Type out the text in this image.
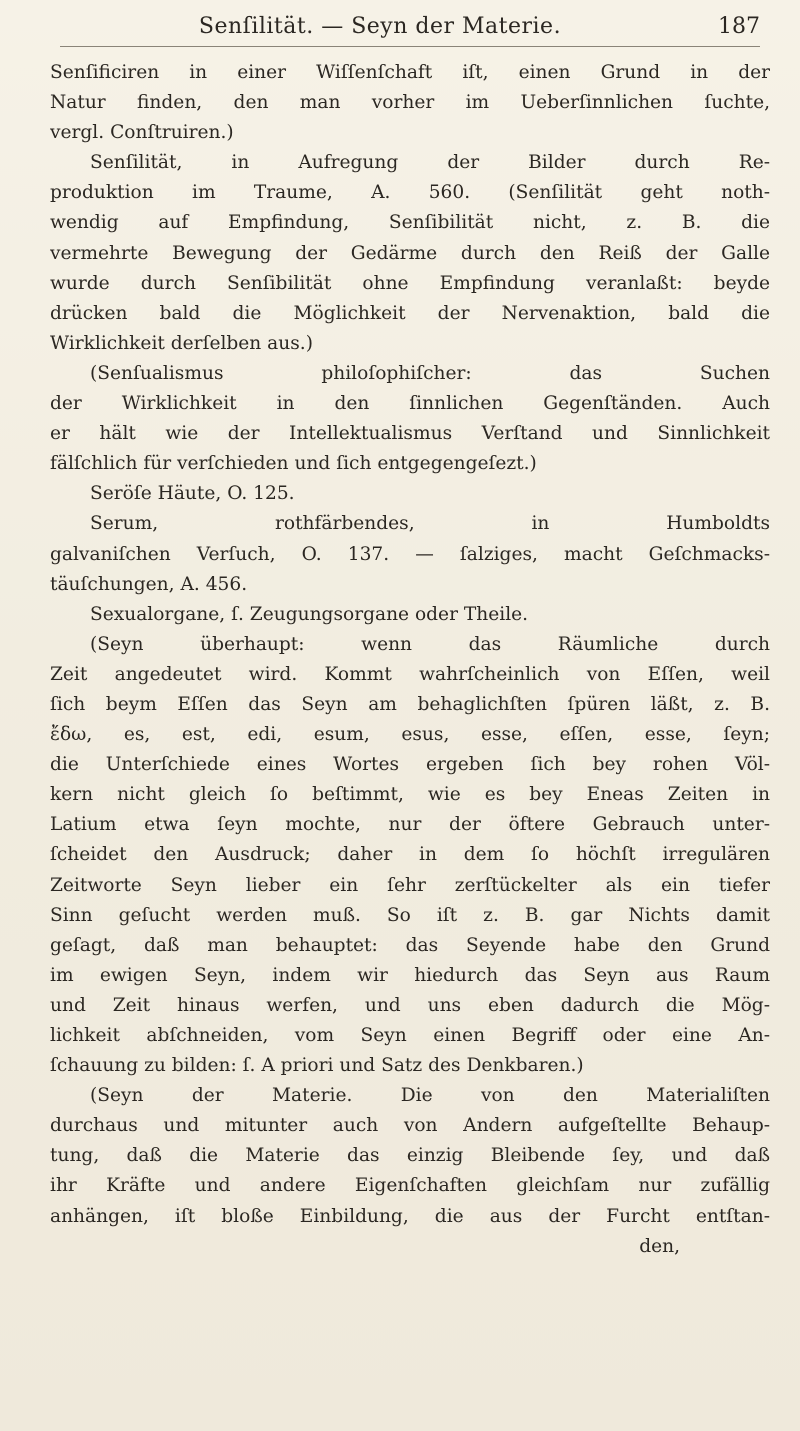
Senſilität. — Seyn der Materie.	187
Senſificiren in einer Wiſſenſchaft iſt, einen Grund in der
Natur finden, den man vorher im Ueberſinnlichen ſuchte,
vergl. Conſtruiren.)
Senſilität, in Aufregung der Bilder durch Re-
produktion im Traume, A. 560. (Senſilität geht noth-
wendig auf Empfindung, Senſibilität nicht, z. B. die
vermehrte Bewegung der Gedärme durch den Reiß der Galle
wurde durch Senſibilität ohne Empfindung veranlaßt: beyde
drücken bald die Möglichkeit der Nervenaktion, bald die
Wirklichkeit derſelben aus.)
(Senſualismus philoſophiſcher: das Suchen
der Wirklichkeit in den ſinnlichen Gegenſtänden. Auch
er hält wie der Intellektualismus Verſtand und Sinnlichkeit
fälſchlich für verſchieden und ſich entgegengeſezt.)
Seröſe Häute, O. 125.
Serum, rothfärbendes, in Humboldts
galvaniſchen Verſuch, O. 137. — ſalziges, macht Geſchmacks-
täuſchungen, A. 456.
Sexualorgane, ſ. Zeugungsorgane oder Theile.
(Seyn überhaupt: wenn das Räumliche durch
Zeit angedeutet wird. Kommt wahrſcheinlich von Eſſen, weil
ſich beym Eſſen das Seyn am behaglichſten ſpüren läßt, z. B.
ἔδω, es, est, edi, esum, esus, esse, eſſen, esse, ſeyn;
die Unterſchiede eines Wortes ergeben ſich bey rohen Völ-
kern nicht gleich ſo beſtimmt, wie es bey Eneas Zeiten in
Latium etwa ſeyn mochte, nur der öftere Gebrauch unter-
ſcheidet den Ausdruck; daher in dem ſo höchſt irregulären
Zeitworte Seyn lieber ein ſehr zerſtückelter als ein tiefer
Sinn geſucht werden muß. So iſt z. B. gar Nichts damit
geſagt, daß man behauptet: das Seyende habe den Grund
im ewigen Seyn, indem wir hiedurch das Seyn aus Raum
und Zeit hinaus werfen, und uns eben dadurch die Mög-
lichkeit abſchneiden, vom Seyn einen Begriff oder eine An-
ſchauung zu bilden: ſ. A priori und Satz des Denkbaren.)
(Seyn der Materie. Die von den Materialiſten
durchaus und mitunter auch von Andern aufgeſtellte Behaup-
tung, daß die Materie das einzig Bleibende ſey, und daß
ihr Kräfte und andere Eigenſchaften gleichſam nur zufällig
anhängen, iſt bloße Einbildung, die aus der Furcht entſtan-
den,
